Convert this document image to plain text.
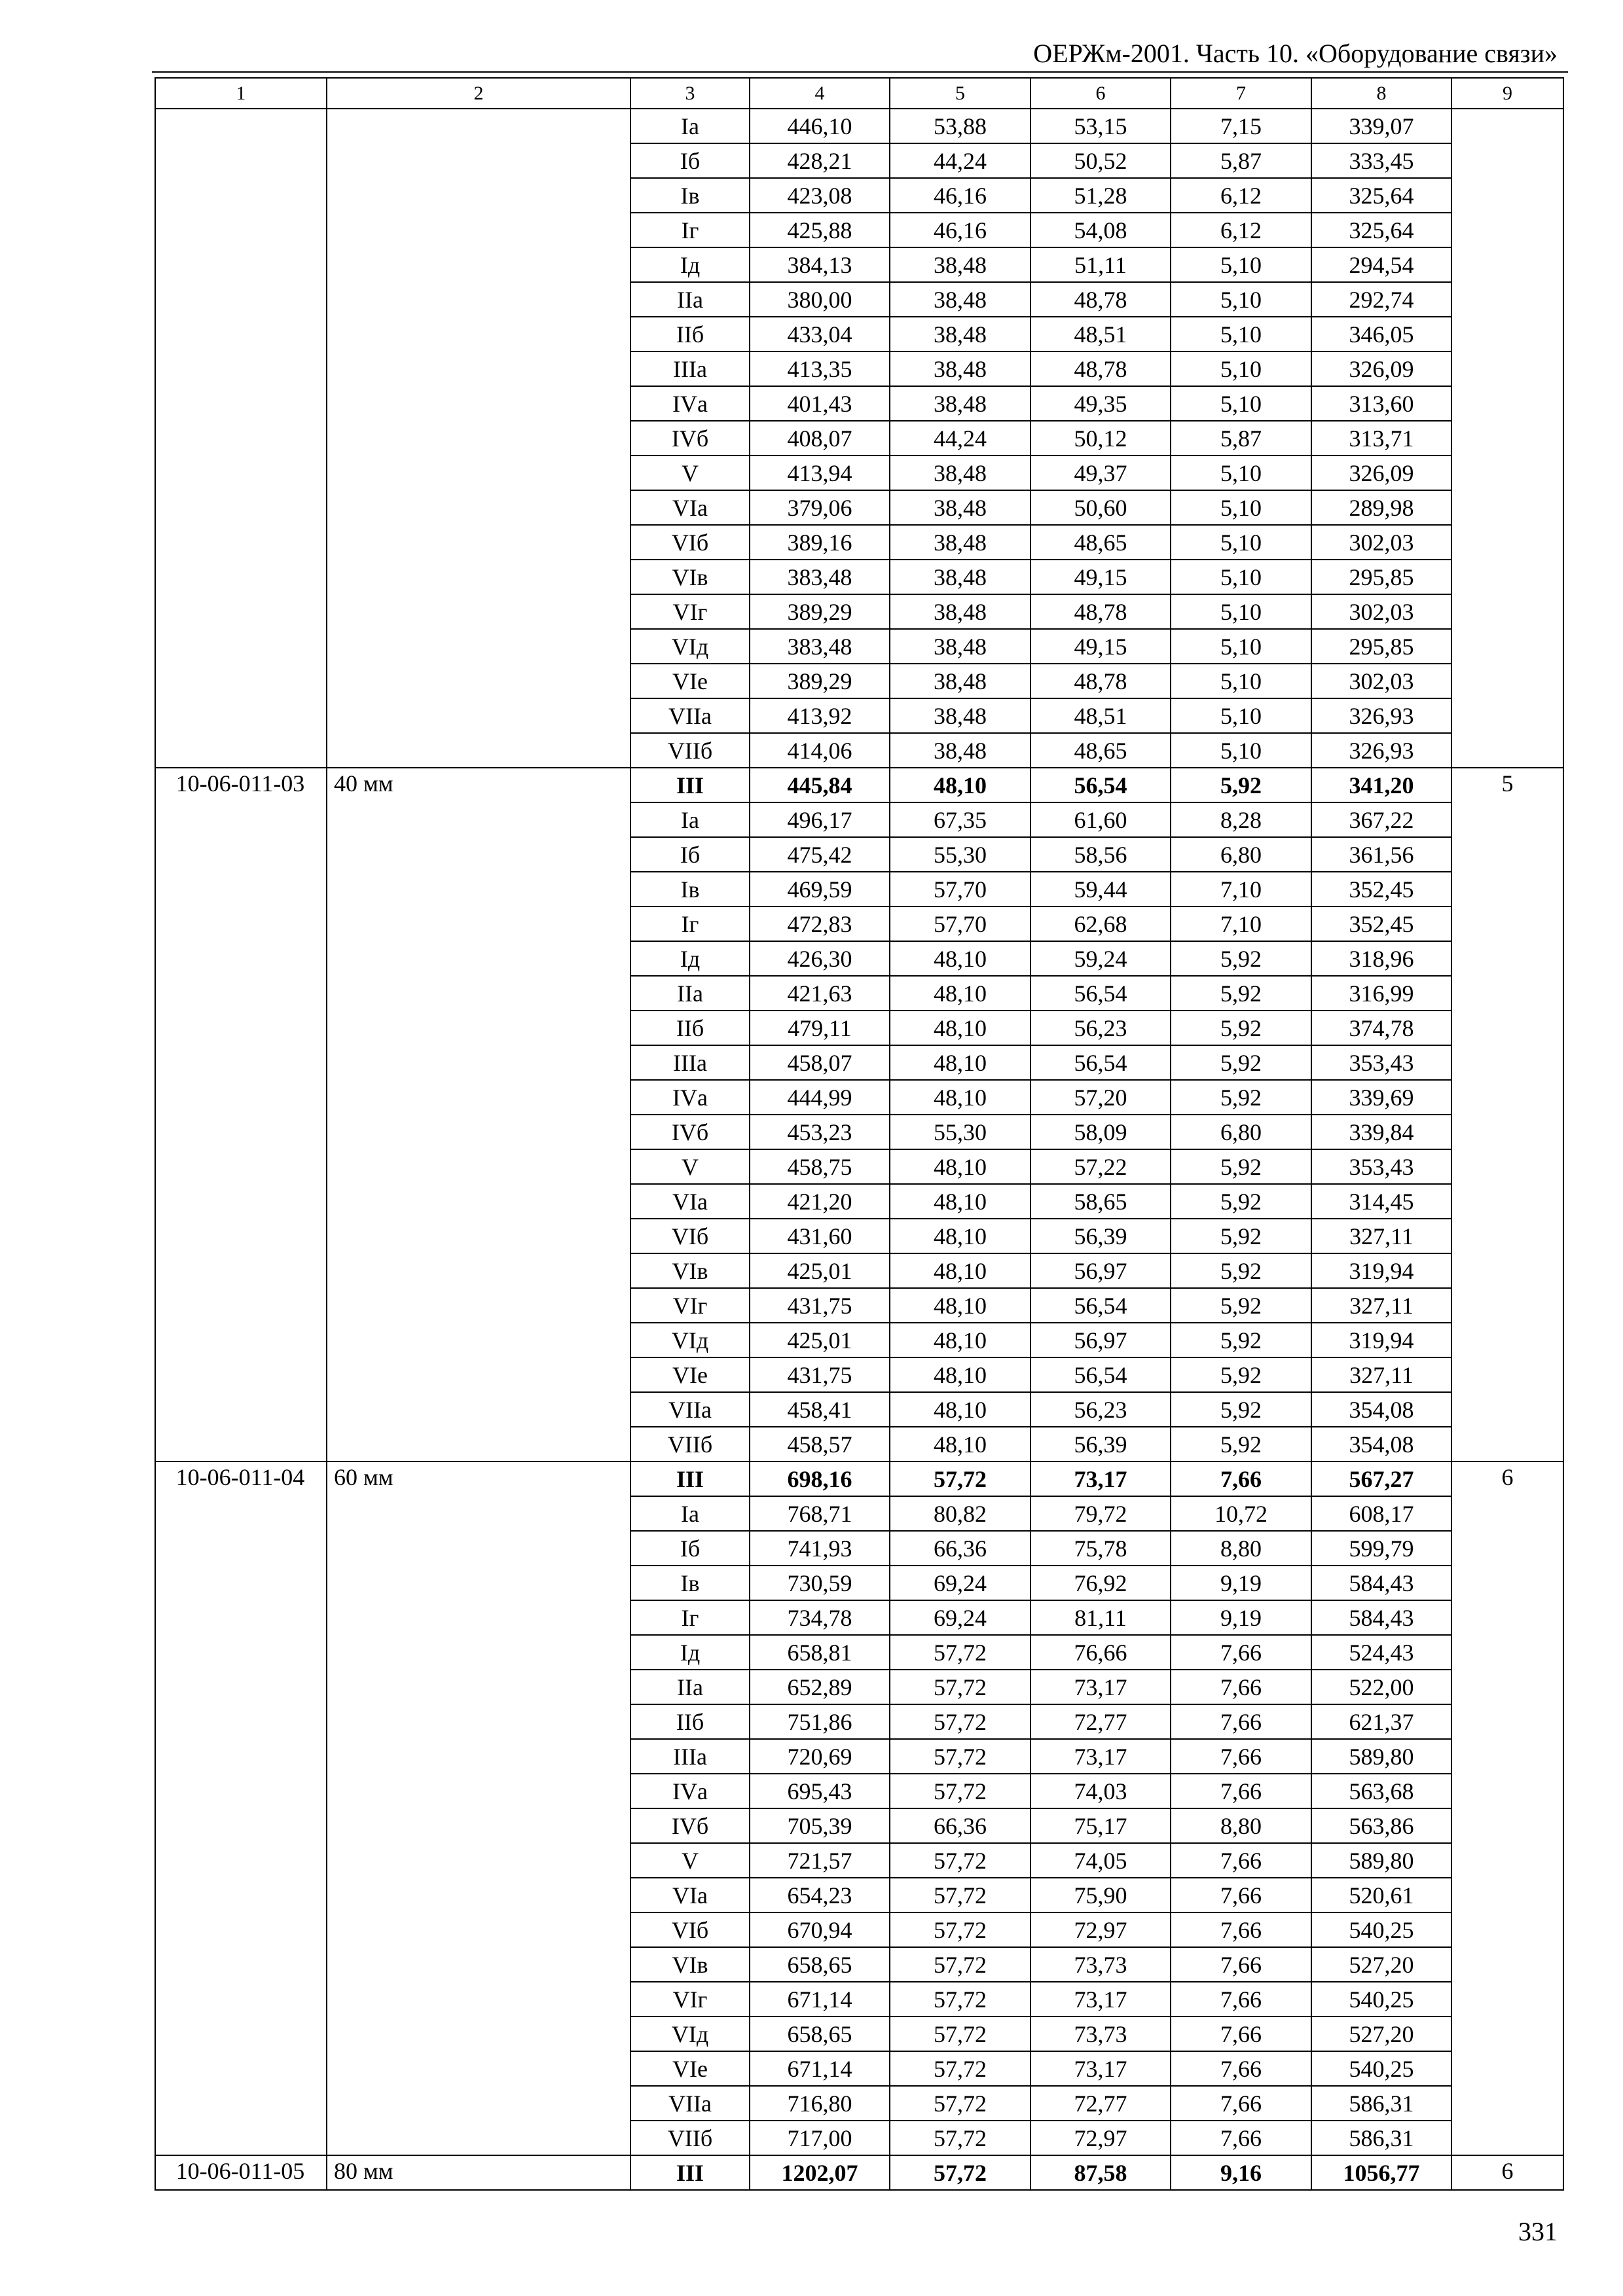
ОЕРЖм-2001. Часть 10. «Оборудование связи»
1	2	3	4	5	6	7	8	9
		Iа	446,10	53,88	53,15	7,15	339,07	
		Iб	428,21	44,24	50,52	5,87	333,45	
		Iв	423,08	46,16	51,28	6,12	325,64	
		Iг	425,88	46,16	54,08	6,12	325,64	
		Iд	384,13	38,48	51,11	5,10	294,54	
		IIа	380,00	38,48	48,78	5,10	292,74	
		IIб	433,04	38,48	48,51	5,10	346,05	
		IIIа	413,35	38,48	48,78	5,10	326,09	
		IVа	401,43	38,48	49,35	5,10	313,60	
		IVб	408,07	44,24	50,12	5,87	313,71	
		V	413,94	38,48	49,37	5,10	326,09	
		VIа	379,06	38,48	50,60	5,10	289,98	
		VIб	389,16	38,48	48,65	5,10	302,03	
		VIв	383,48	38,48	49,15	5,10	295,85	
		VIг	389,29	38,48	48,78	5,10	302,03	
		VIд	383,48	38,48	49,15	5,10	295,85	
		VIе	389,29	38,48	48,78	5,10	302,03	
		VIIа	413,92	38,48	48,51	5,10	326,93	
		VIIб	414,06	38,48	48,65	5,10	326,93	
10-06-011-03	40 мм	III	445,84	48,10	56,54	5,92	341,20	5
		Iа	496,17	67,35	61,60	8,28	367,22	
		Iб	475,42	55,30	58,56	6,80	361,56	
		Iв	469,59	57,70	59,44	7,10	352,45	
		Iг	472,83	57,70	62,68	7,10	352,45	
		Iд	426,30	48,10	59,24	5,92	318,96	
		IIа	421,63	48,10	56,54	5,92	316,99	
		IIб	479,11	48,10	56,23	5,92	374,78	
		IIIа	458,07	48,10	56,54	5,92	353,43	
		IVа	444,99	48,10	57,20	5,92	339,69	
		IVб	453,23	55,30	58,09	6,80	339,84	
		V	458,75	48,10	57,22	5,92	353,43	
		VIа	421,20	48,10	58,65	5,92	314,45	
		VIб	431,60	48,10	56,39	5,92	327,11	
		VIв	425,01	48,10	56,97	5,92	319,94	
		VIг	431,75	48,10	56,54	5,92	327,11	
		VIд	425,01	48,10	56,97	5,92	319,94	
		VIе	431,75	48,10	56,54	5,92	327,11	
		VIIа	458,41	48,10	56,23	5,92	354,08	
		VIIб	458,57	48,10	56,39	5,92	354,08	
10-06-011-04	60 мм	III	698,16	57,72	73,17	7,66	567,27	6
		Iа	768,71	80,82	79,72	10,72	608,17	
		Iб	741,93	66,36	75,78	8,80	599,79	
		Iв	730,59	69,24	76,92	9,19	584,43	
		Iг	734,78	69,24	81,11	9,19	584,43	
		Iд	658,81	57,72	76,66	7,66	524,43	
		IIа	652,89	57,72	73,17	7,66	522,00	
		IIб	751,86	57,72	72,77	7,66	621,37	
		IIIа	720,69	57,72	73,17	7,66	589,80	
		IVа	695,43	57,72	74,03	7,66	563,68	
		IVб	705,39	66,36	75,17	8,80	563,86	
		V	721,57	57,72	74,05	7,66	589,80	
		VIа	654,23	57,72	75,90	7,66	520,61	
		VIб	670,94	57,72	72,97	7,66	540,25	
		VIв	658,65	57,72	73,73	7,66	527,20	
		VIг	671,14	57,72	73,17	7,66	540,25	
		VIд	658,65	57,72	73,73	7,66	527,20	
		VIе	671,14	57,72	73,17	7,66	540,25	
		VIIа	716,80	57,72	72,77	7,66	586,31	
		VIIб	717,00	57,72	72,97	7,66	586,31	
10-06-011-05	80 мм	III	1202,07	57,72	87,58	9,16	1056,77	6
331
